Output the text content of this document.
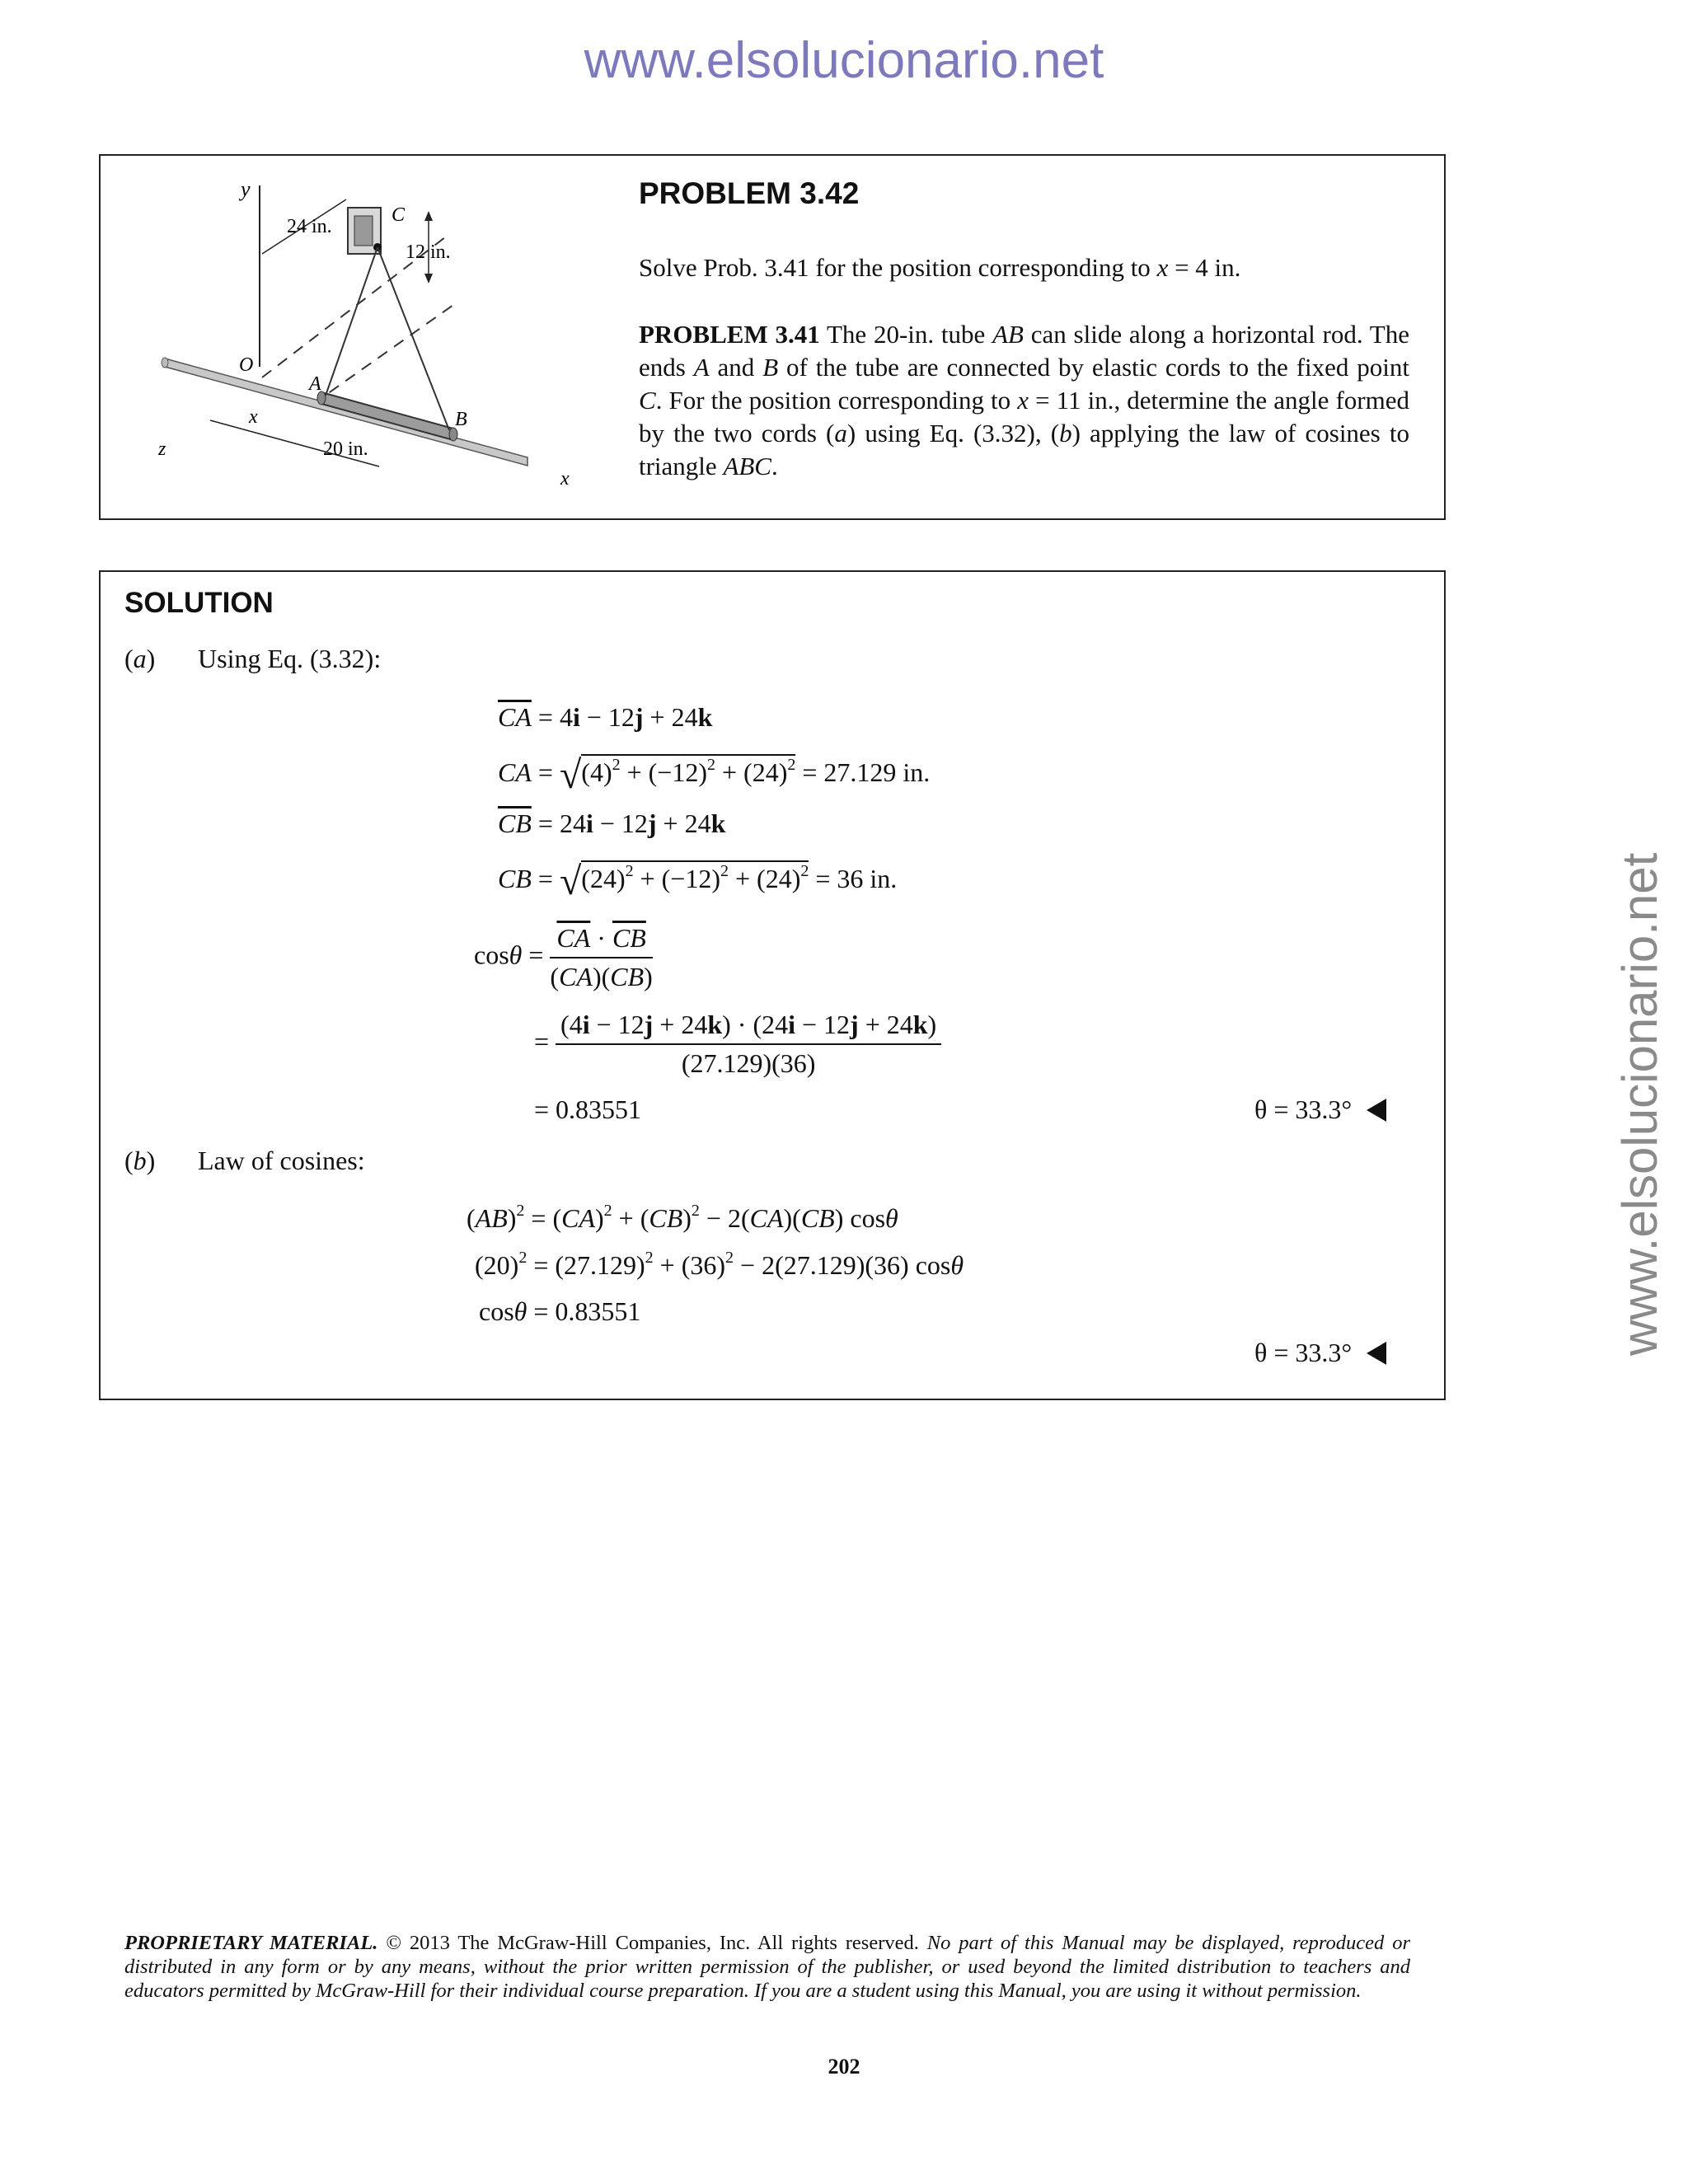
www.elsolucionario.net
www.elsolucionario.net
y
24 in.
12 in.
C
O
A
B
z
x
x
20 in.
PROBLEM 3.42
Solve Prob. 3.41 for the position corresponding to x = 4 in.
PROBLEM 3.41 The 20-in. tube AB can slide along a horizontal rod. The ends A and B of the tube are connected by elastic cords to the fixed point C. For the position corresponding to x = 11 in., determine the angle formed by the two cords (a) using Eq. (3.32), (b) applying the law of cosines to triangle ABC.
SOLUTION
(a) Using Eq. (3.32):
$\overline{CA} = 4i - 12j + 24k$
CA = $√(4)^2 + (-12)^2 + (24)^2 = 27.129$ in.
$\overline{CB} = 24i - 12j + 24k$
CB = $√(24)^2 + (-12)^2 + (24)^2 = 36$ in.
$\cos\theta = \frac{\overline{CA} \cdot \overline{CB}}{(CA)(CB)}$
= $\frac{(4i - 12j + 24k) \cdot (24i - 12j + 24k)}{(27.129)(36)}$
= 0.83551	θ = 33.3°
(b) Law of cosines:
(AB)$^2$ = (CA)$^2$ + (CB)$^2$ − 2(CA)(CB) cosθ
$(20)^2 = (27.129)^2 + (36)^2 - 2(27.129)(36)$ cosθ
cosθ = 0.83551
θ = 33.3°
PROPRIETARY MATERIAL. © 2013 The McGraw-Hill Companies, Inc. All rights reserved. No part of this Manual may be displayed, reproduced or distributed in any form or by any means, without the prior written permission of the publisher, or used beyond the limited distribution to teachers and educators permitted by McGraw-Hill for their individual course preparation. If you are a student using this Manual, you are using it without permission.
202
